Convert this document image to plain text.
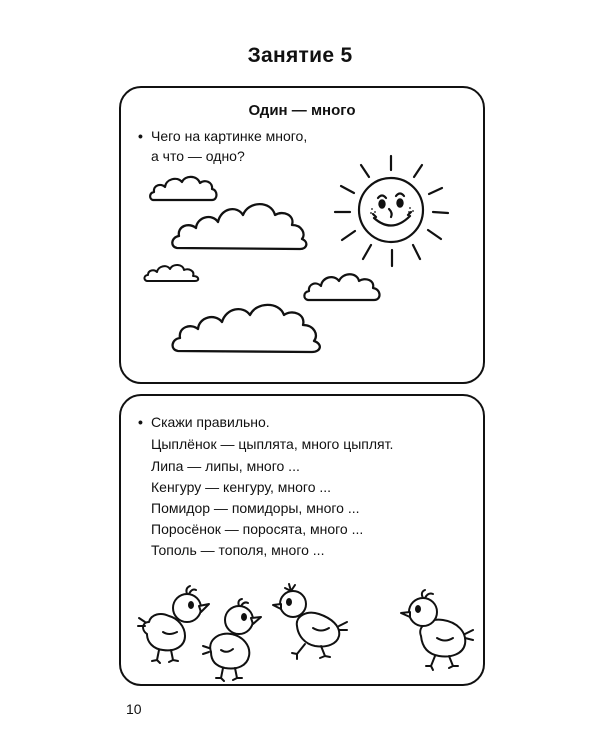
Занятие 5
Один — много
• Чего на картинке много,
а что — одно?
• Скажи правильно.
Цыплёнок — цыплята, много цыплят.
Липа — липы, много ...
Кенгуру — кенгуру, много ...
Помидор — помидоры, много ...
Поросёнок — поросята, много ...
Тополь — тополя, много ...
10
